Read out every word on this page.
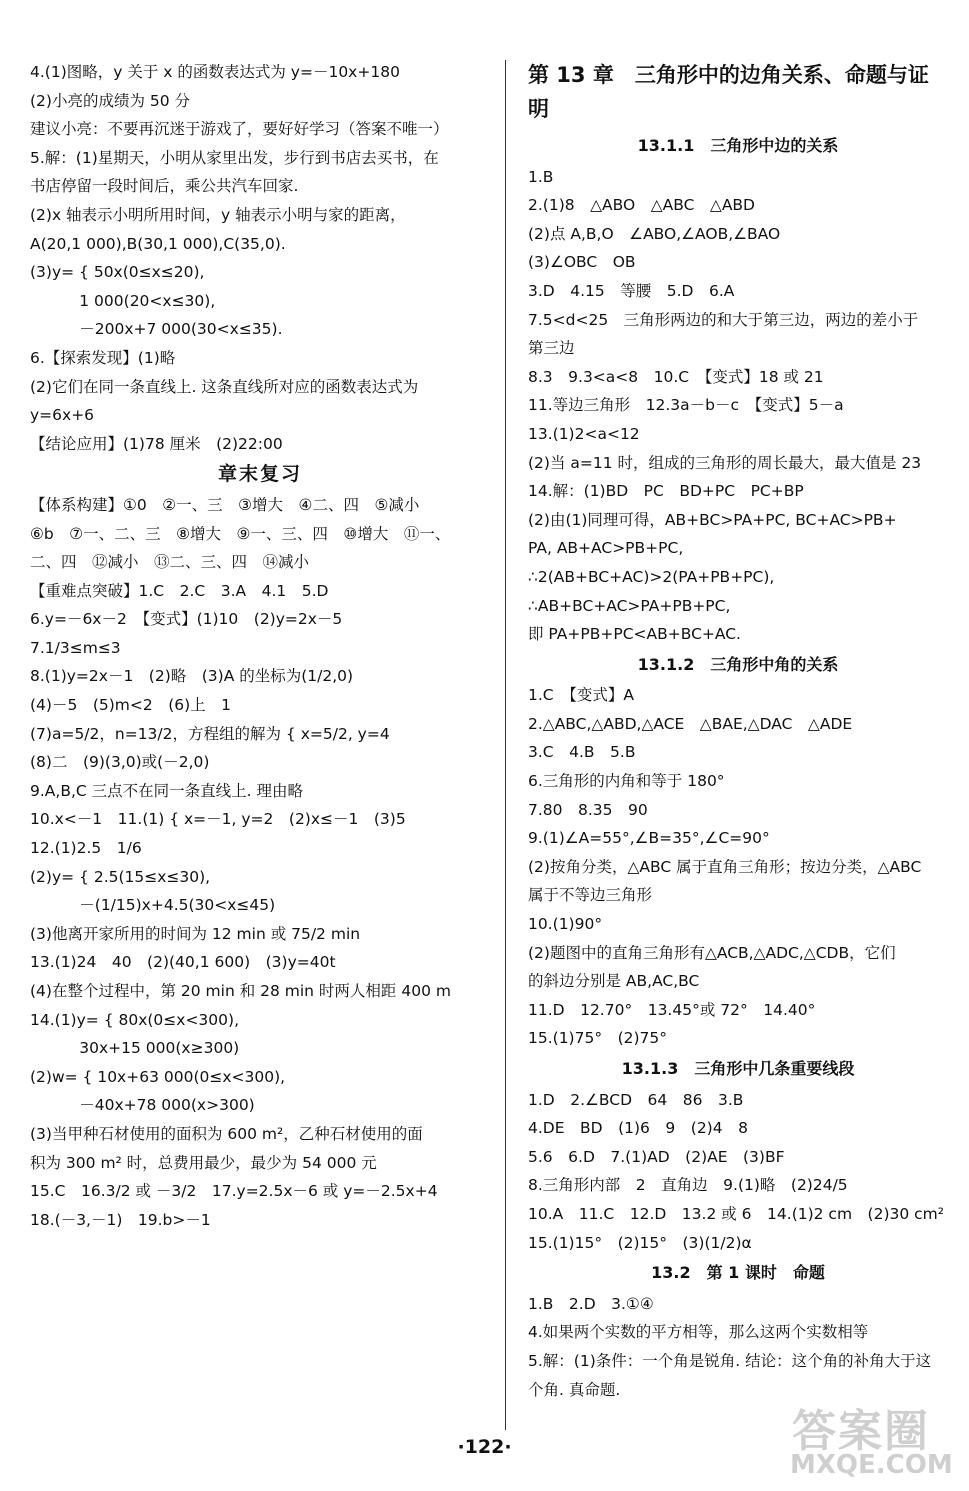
4.(1)图略，y 关于 x 的函数表达式为 y=－10x+180
(2)小亮的成绩为 50 分
建议小亮：不要再沉迷于游戏了，要好好学习（答案不唯一）
5.解：(1)星期天，小明从家里出发，步行到书店去买书，在
书店停留一段时间后，乘公共汽车回家.
(2)x 轴表示小明所用时间，y 轴表示小明与家的距离，
A(20,1 000),B(30,1 000),C(35,0).
(3)y= { 50x(0≤x≤20),
1 000(20<x≤30),
－200x+7 000(30<x≤35).
6.【探索发现】(1)略
(2)它们在同一条直线上. 这条直线所对应的函数表达式为
y=6x+6
【结论应用】(1)78 厘米　(2)22:00
章末复习
【体系构建】①0　②一、三　③增大　④二、四　⑤减小
⑥b　⑦一、二、三　⑧增大　⑨一、三、四　⑩增大　⑪一、
二、四　⑫减小　⑬二、三、四　⑭减小
【重难点突破】1.C　2.C　3.A　4.1　5.D
6.y=－6x－2　【变式】(1)10　(2)y=2x－5
7.1/3≤m≤3
8.(1)y=2x－1　(2)略　(3)A 的坐标为(1/2,0)
(4)－5　(5)m<2　(6)上　1
(7)a=5/2，n=13/2，方程组的解为 { x=5/2, y=4
(8)二　(9)(3,0)或(－2,0)
9.A,B,C 三点不在同一条直线上. 理由略
10.x<－1　11.(1) { x=－1, y=2　(2)x≤－1　(3)5
12.(1)2.5　1/6
(2)y= { 2.5(15≤x≤30),
－(1/15)x+4.5(30<x≤45)
(3)他离开家所用的时间为 12 min 或 75/2 min
13.(1)24　40　(2)(40,1 600)　(3)y=40t
(4)在整个过程中，第 20 min 和 28 min 时两人相距 400 m
14.(1)y= { 80x(0≤x<300),
30x+15 000(x≥300)
(2)w= { 10x+63 000(0≤x<300),
－40x+78 000(x>300)
(3)当甲种石材使用的面积为 600 m²，乙种石材使用的面
积为 300 m² 时，总费用最少，最少为 54 000 元
15.C　16.3/2 或 －3/2　17.y=2.5x－6 或 y=－2.5x+4
18.(－3,－1)　19.b>－1
第 13 章　三角形中的边角关系、命题与证明
13.1.1　三角形中边的关系
1.B
2.(1)8　△ABO　△ABC　△ABD
(2)点 A,B,O　∠ABO,∠AOB,∠BAO
(3)∠OBC　OB
3.D　4.15　等腰　5.D　6.A
7.5<d<25　三角形两边的和大于第三边，两边的差小于
第三边
8.3　9.3<a<8　10.C　【变式】18 或 21
11.等边三角形　12.3a－b－c　【变式】5－a
13.(1)2<a<12
(2)当 a=11 时，组成的三角形的周长最大，最大值是 23
14.解：(1)BD　PC　BD+PC　PC+BP
(2)由(1)同理可得，AB+BC>PA+PC, BC+AC>PB+
PA, AB+AC>PB+PC,
∴2(AB+BC+AC)>2(PA+PB+PC),
∴AB+BC+AC>PA+PB+PC,
即 PA+PB+PC<AB+BC+AC.
13.1.2　三角形中角的关系
1.C　【变式】A
2.△ABC,△ABD,△ACE　△BAE,△DAC　△ADE
3.C　4.B　5.B
6.三角形的内角和等于 180°
7.80　8.35　90
9.(1)∠A=55°,∠B=35°,∠C=90°
(2)按角分类，△ABC 属于直角三角形；按边分类，△ABC
属于不等边三角形
10.(1)90°
(2)题图中的直角三角形有△ACB,△ADC,△CDB，它们
的斜边分别是 AB,AC,BC
11.D　12.70°　13.45°或 72°　14.40°
15.(1)75°　(2)75°
13.1.3　三角形中几条重要线段
1.D　2.∠BCD　64　86　3.B
4.DE　BD　(1)6　9　(2)4　8
5.6　6.D　7.(1)AD　(2)AE　(3)BF
8.三角形内部　2　直角边　9.(1)略　(2)24/5
10.A　11.C　12.D　13.2 或 6　14.(1)2 cm　(2)30 cm²
15.(1)15°　(2)15°　(3)(1/2)α
13.2　第 1 课时　命题
1.B　2.D　3.①④
4.如果两个实数的平方相等，那么这两个实数相等
5.解：(1)条件：一个角是锐角. 结论：这个角的补角大于这
个角. 真命题.
·122·	答案圈
MXQE.COM
